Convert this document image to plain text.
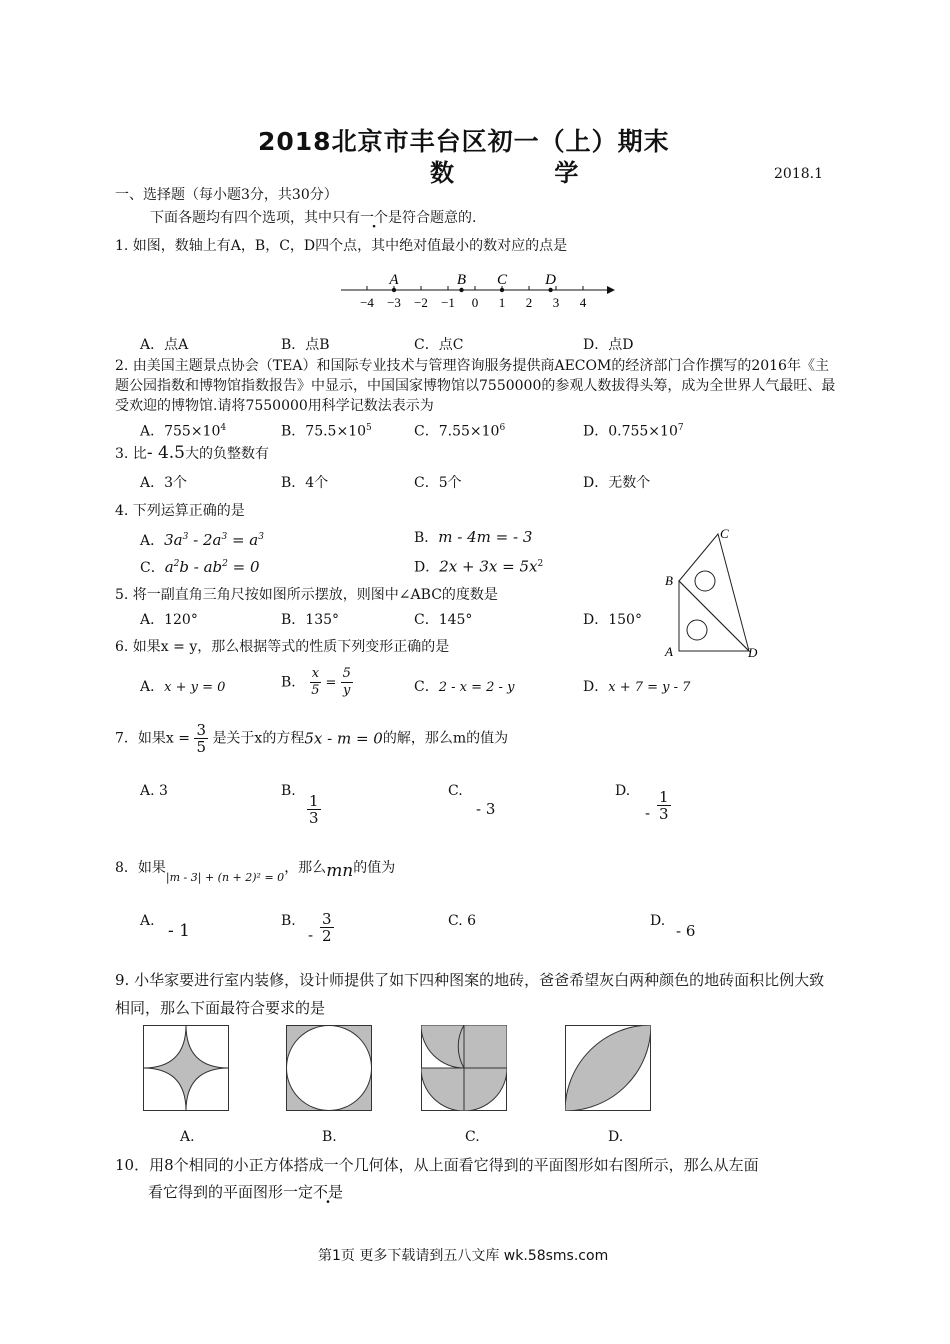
2018北京市丰台区初一（上）期末
数 学	2018.1
一、选择题（每小题3分，共30分）
下面各题均有四个选项，其中只有一个是符合题意的.
1. 如图，数轴上有A，B，C，D四个点，其中绝对值最小的数对应的点是
−4 −3 −2 −1 0 1 2 3 4
A	B C	D
A．点A	B．点B	C．点C	D．点D
2. 由美国主题景点协会（TEA）和国际专业技术与管理咨询服务提供商AECOM的经济部门合作撰写的2016年《主题公园指数和博物馆指数报告》中显示，中国国家博物馆以7550000的参观人数拔得头筹，成为全世界人气最旺、最受欢迎的博物馆.请将7550000用科学记数法表示为
A．$755\times 10^4$	B．$75.5\times 10^5$	C．$7.55\times 10^6$	D．$0.755\times 10^7$
3. 比- 4.5大的负整数有
A．3个	B．4个	C．5个	D．无数个
4. 下列运算正确的是
A．$3a^3 - 2a^3 = a^3$	B．m - 4m = - 3
C．$a^2b - ab^2 = 0$	D．$2x + 3x = 5x^2$
A
B
C
D
5. 将一副直角三角尺按如图所示摆放，则图中∠ABC的度数是
A．120°	B．135°	C．145°	D．150°
6. 如果x = y，那么根据等式的性质下列变形正确的是
A．x + y = 0	B． $\frac{x}{5} = \frac{5}{y}$	C．2 - x = 2 - y	D．x + 7 = y - 7
7．如果$x = \frac{3}{5}$ 是关于x的方程5x - m = 0的解，那么m的值为
A. 3	B.
$\frac{1}{3}$
C.
- 3
D.
- $\frac{1}{3}$
8．如果$_{|m - 3| + (n + 2)^2 = 0}$，那么mn的值为
A. - 1	B.
- $\frac{3}{2}$	C. 6	D.
- 6
9. 小华家要进行室内装修，设计师提供了如下四种图案的地砖，爸爸希望灰白两种颜色的地砖面积比例大致相同，那么下面最符合要求的是
A.	B.	C.	D.
10．用8个相同的小正方体搭成一个几何体，从上面看它得到的平面图形如右图所示，那么从左面
看它得到的平面图形一定不是
第1页 更多下载请到五八文库 wk.58sms.com
